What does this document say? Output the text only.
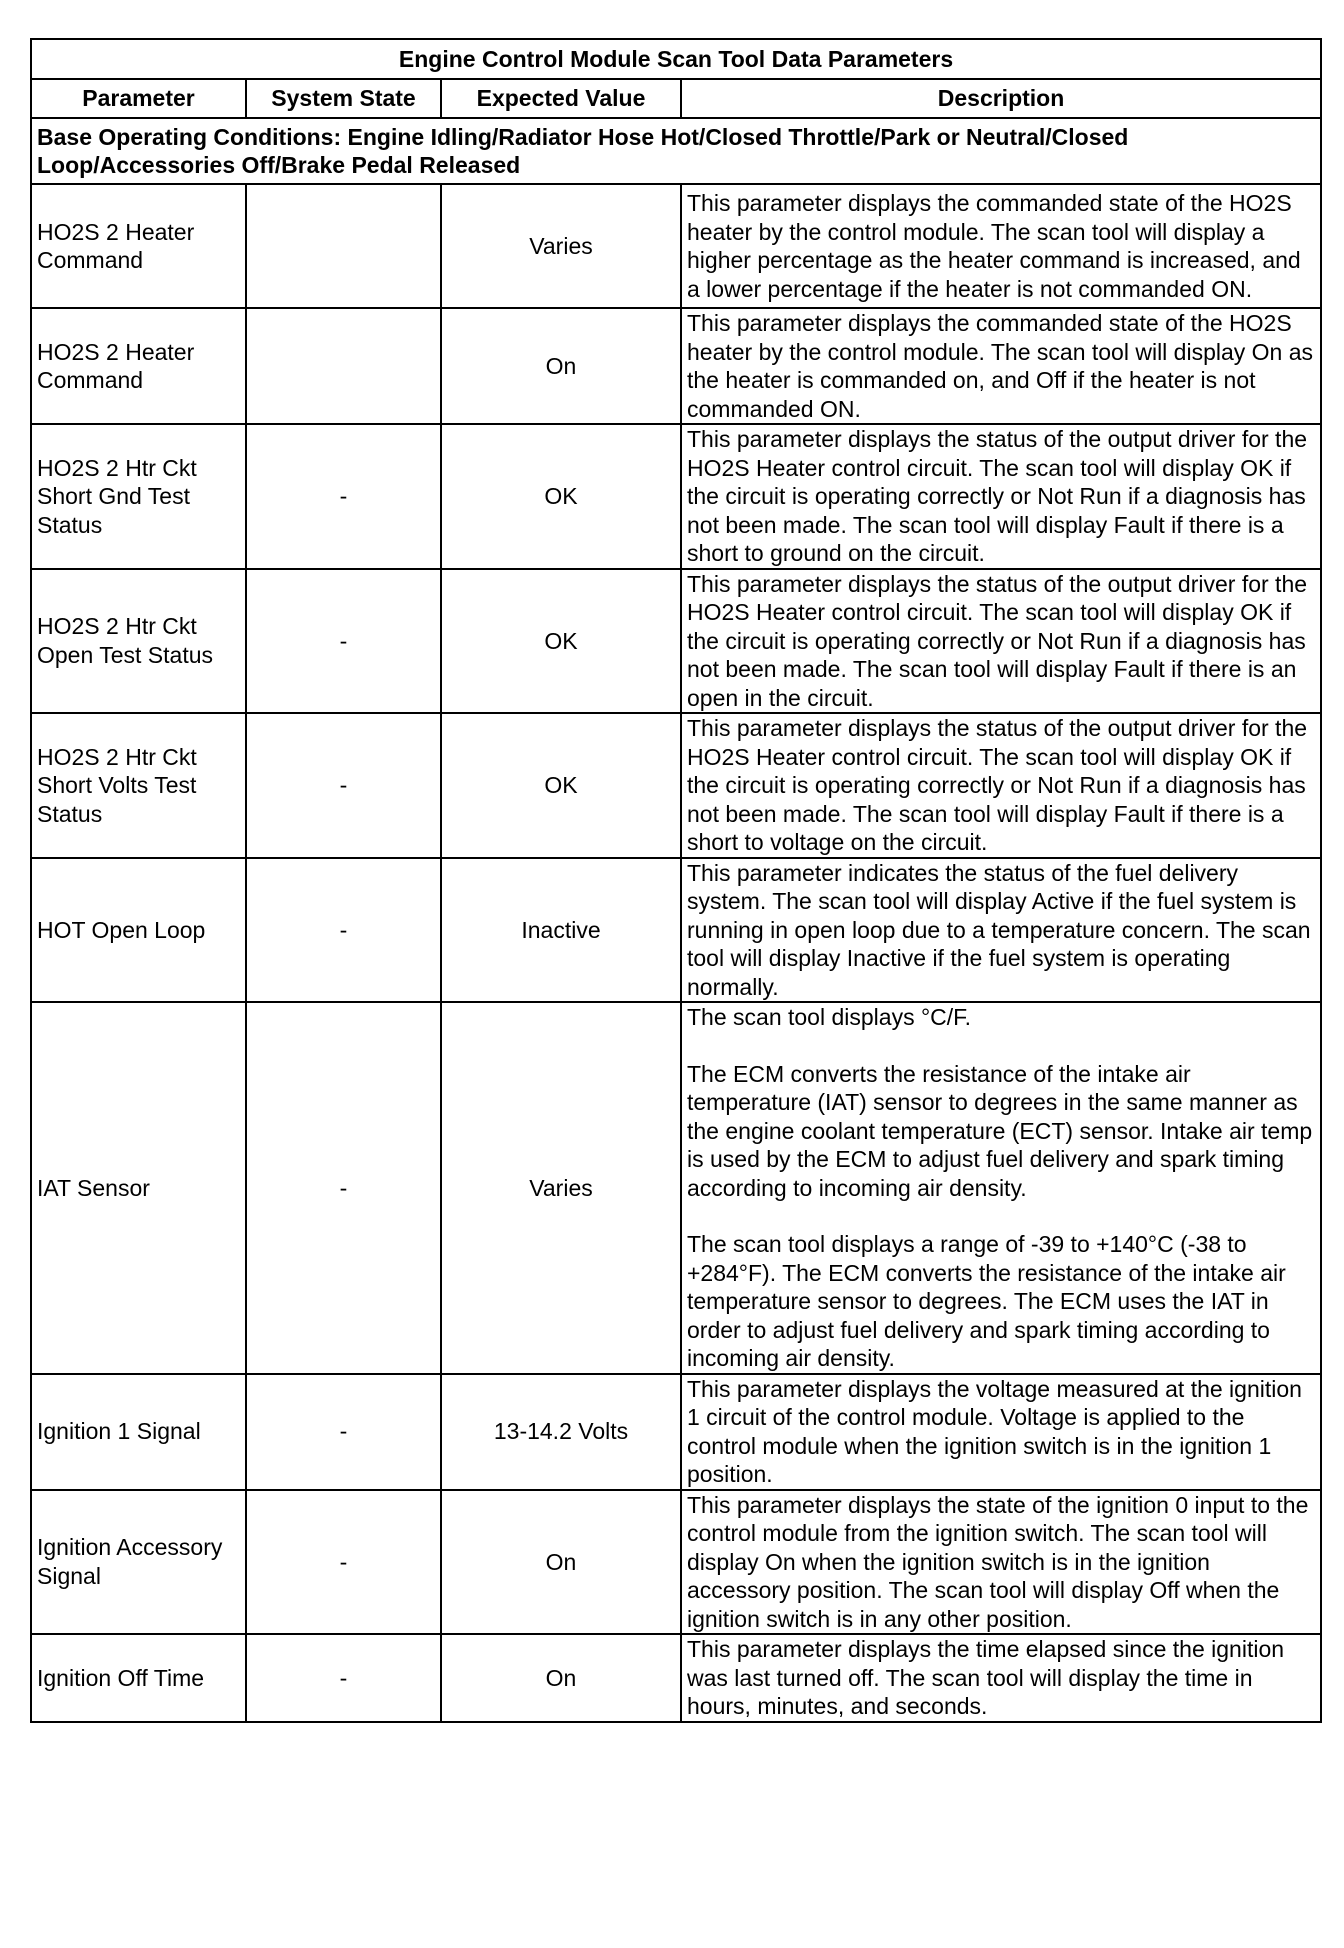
Engine Control Module Scan Tool Data Parameters			
Parameter	System State	Expected Value	Description
Base Operating Conditions: Engine Idling/Radiator Hose Hot/Closed Throttle/Park or Neutral/Closed Loop/Accessories Off/Brake Pedal Released			
HO2S 2 Heater Command		Varies	This parameter displays the commanded state of the HO2S heater by the control module. The scan tool will display a higher percentage as the heater command is increased, and a lower percentage if the heater is not commanded ON.

HO2S 2 Heater Command		On	This parameter displays the commanded state of the HO2S heater by the control module. The scan tool will display On as the heater is commanded on, and Off if the heater is not commanded ON.

HO2S 2 Htr Ckt Short Gnd Test Status	-	OK	This parameter displays the status of the output driver for the HO2S Heater control circuit. The scan tool will display OK if the circuit is operating correctly or Not Run if a diagnosis has not been made. The scan tool will display Fault if there is a short to ground on the circuit.

HO2S 2 Htr Ckt Open Test Status	-	OK	This parameter displays the status of the output driver for the HO2S Heater control circuit. The scan tool will display OK if the circuit is operating correctly or Not Run if a diagnosis has not been made. The scan tool will display Fault if there is an open in the circuit.

HO2S 2 Htr Ckt Short Volts Test Status	-	OK	This parameter displays the status of the output driver for the HO2S Heater control circuit. The scan tool will display OK if the circuit is operating correctly or Not Run if a diagnosis has not been made. The scan tool will display Fault if there is a short to voltage on the circuit.

HOT Open Loop	-	Inactive	This parameter indicates the status of the fuel delivery system. The scan tool will display Active if the fuel system is running in open loop due to a temperature concern. The scan tool will display Inactive if the fuel system is operating normally.

IAT Sensor	-	Varies	The scan tool displays °C/F.

The ECM converts the resistance of the intake air temperature (IAT) sensor to degrees in the same manner as the engine coolant temperature (ECT) sensor. Intake air temp is used by the ECM to adjust fuel delivery and spark timing according to incoming air density.

The scan tool displays a range of -39 to +140°C (-38 to +284°F). The ECM converts the resistance of the intake air temperature sensor to degrees. The ECM uses the IAT in order to adjust fuel delivery and spark timing according to incoming air density.

Ignition 1 Signal	-	13-14.2 Volts	This parameter displays the voltage measured at the ignition 1 circuit of the control module. Voltage is applied to the control module when the ignition switch is in the ignition 1 position.

Ignition Accessory Signal	-	On	This parameter displays the state of the ignition 0 input to the control module from the ignition switch. The scan tool will display On when the ignition switch is in the ignition accessory position. The scan tool will display Off when the ignition switch is in any other position.

Ignition Off Time	-	On	This parameter displays the time elapsed since the ignition was last turned off. The scan tool will display the time in hours, minutes, and seconds.
